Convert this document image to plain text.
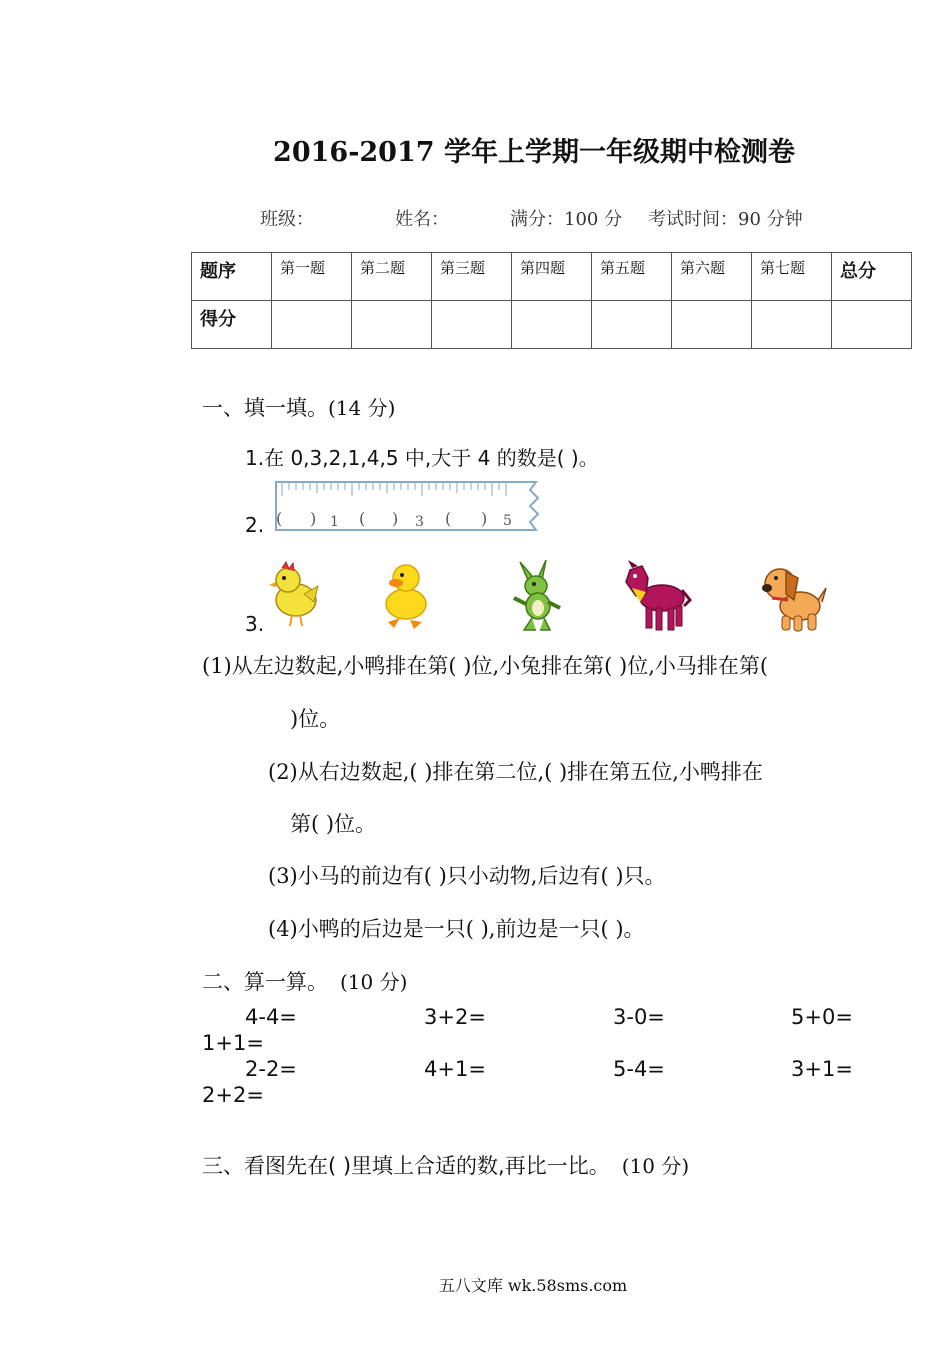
2016-2017 学年上学期一年级期中检测卷
班级：	姓名：	满分：100 分 考试时间：90 分钟
题序	第一题	第二题	第三题	第四题	第五题	第六题	第七题	总分
得分								
一、填一填。(14 分)
1.在 0,3,2,1,4,5 中,大于 4 的数是( )。
2. ( ) 1 ( ) 3 ( ) 5
3.
(1)从左边数起,小鸭排在第( )位,小兔排在第( )位,小马排在第(
)位。
(2)从右边数起,( )排在第二位,( )排在第五位,小鸭排在
第( )位。
(3)小马的前边有( )只小动物,后边有( )只。
(4)小鸭的后边是一只( ),前边是一只( )。
二、算一算。 (10 分)
4-4=	3+2=	3-0=	5+0=
1+1=
2-2=	4+1=	5-4=	3+1=
2+2=
三、看图先在( )里填上合适的数,再比一比。 (10 分)
五八文库 wk.58sms.com
